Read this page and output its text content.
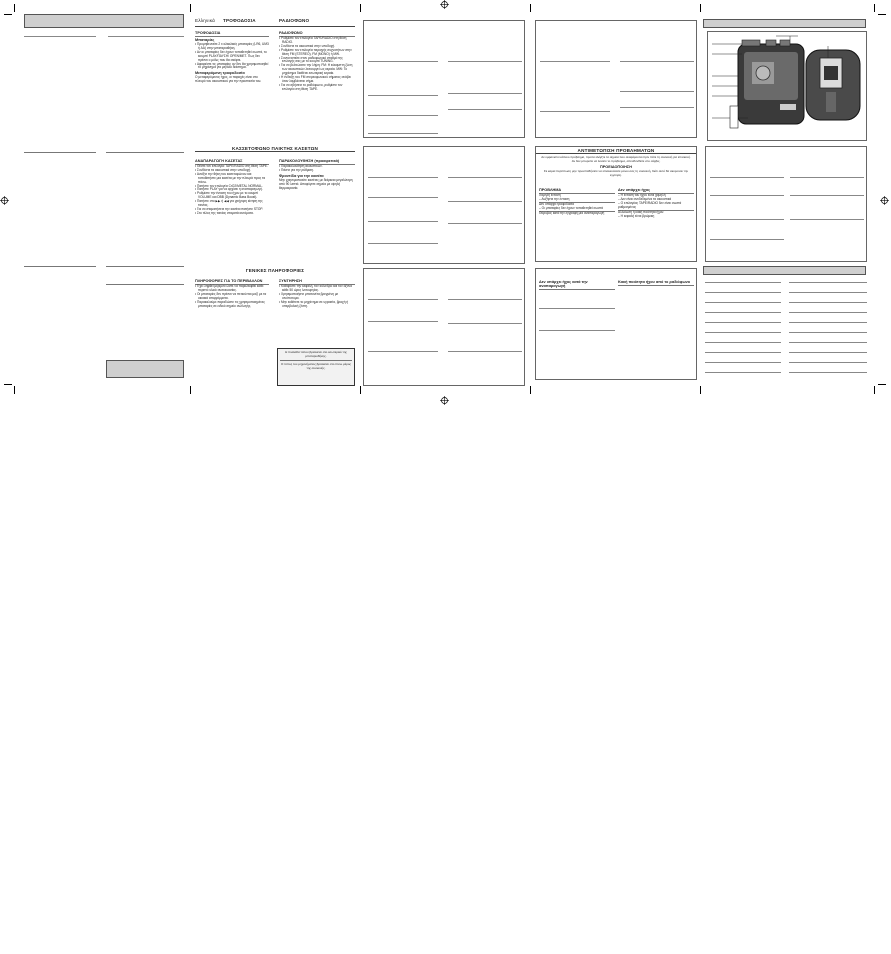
Ελληνικά ΤΡΟΦΟΔΟΣΙΑ	ΡΑΔΙΟΦΩΝΟ
ΤΡΟΦΟΔΟΣΙΑ
Μπαταρίες

• Προμηθευτείτε 2 x αλκαλικές μπαταρίες (LR6, UM3 ή AA) στην μπαταριοθήκη.

• Αν οι μπαταρίες δεν έχουν τοποθετηθεί σωστά, το κουμπί PLAY/ΠΑΥΣΗ/ ΟΡΕΝ/ΜΕΤ. Πως δεν πρέπει ο μόλις που θα σκέφτε.

• Αφαιρέστε τις μπαταρίες αν δεν θα χρησιμοποιηθεί το μηχάνημα για μεγάλο διάστημα.

Μεταφερόμενη τροφοδοσία

Ο μεταφερόμενος ήχος, οι παροχές είναι στο πλευρό του ακουστικού για την προστασία του.

ΡΑΔΙΟΦΩΝΟ

• Ρυθμίστε τον επιλογέα TAPE/RADIO στη θέση RADIO.

• Συνδέστε τα ακουστικά στην υποδοχή.

• Ρυθμίστε τον επιλογέα περιοχής συχνοτήτων στην θέση FM (STEREO), FM (MONO) ή MW.

• Συντονιστείτε στον ραδιοφωνικό σταθμό της επιλογής σας με το κουμπί TUNING.

• Για να βελτιώσετε την λήψη: FM: Η εύκαμπτη ζώνη των ακουστικών λειτουργεί ως κεραία. MW: Το μηχάνημα διαθέτει εσωτερική κεραία.

• Η ένδειξη του FM στερεοφωνικού σήματος ανάβει όταν λαμβάνεται σήμα.

• Για να σβήσετε το ραδιόφωνο, ρυθμίστε τον επιλογέα στη θέση TAPE.

ΚΑΣΣΕΤΟΦΩΝΟ ΠΑΙΚΤΗΣ ΚΑΣΕΤΩΝ
ΑΝΑΠΑΡΑΓΩΓΗ ΚΑΣΕΤΑΣ

• Θέστε τον επιλογέα TAPE/RADIO στη θέση TAPE.

• Συνδέστε τα ακουστικά στην υποδοχή.

• Ανοίξτε την θήκη του κασετοφώνου και τοποθετήστε μια κασέτα με την πλευρά προς τα πάνω.

• Πατήστε τον επιλογέα CrO2/METAL NORMAL.

• Πατήστε PLAY για να αρχίσει η αναπαραγωγή.

• Ρυθμίστε την ένταση του ήχου με το κουμπί VOLUME και DBB (Dynamic Bass Boost).

• Πατήστε στο ▶▶ ή ◀◀ για γρήγορη κίνηση της ταινίας.

• Για να σταματήσετε την κασέτα πατήστε STOP.

• Στο τέλος της ταινίας σταματά αυτόματα.

ΠΑΡΑΚΟΛΟΥΘΗΣΗ (προαιρετικά)

• Παρακολούθηση ακουστικών.

• Πιέστε για την ρύθμιση.

Φροντίδα για την κασέτα

Μην χρησιμοποιείτε κασέτες με διάρκεια μεγαλύτερη από 90 λεπτά. Αποφύγετε σημεία με υψηλή θερμοκρασία.

ΓΕΝΙΚΕΣ ΠΛΗΡΟΦΟΡΙΕΣ
ΠΛΗΡΟΦΟΡΙΕΣ ΓΙΑ ΤΟ ΠΕΡΙΒΑΛΛΟΝ

• Έχει ληφθεί μέριμνα ώστε να παραλειφθεί κάθε περιττό υλικό συσκευασίας.

• Οι μπαταρίες δεν πρέπει να πετιούνται μαζί με τα οικιακά απορρίμματα.

• Παρακαλούμε παραδώστε τις χρησιμοποιημένες μπαταρίες σε ειδικό σημείο συλλογής.

ΣΥΝΤΗΡΗΣΗ

• Καθαρίστε την κεφαλή, τον κύλινδρο και τον άξονα κάθε 50 ώρες λειτουργίας.

• Χρησιμοποιήστε μπατονέτα βρεγμένη με οινόπνευμα.

• Μην εκθέτετε το μηχάνημα σε υγρασία, βροχή ή υπερβολική ζέστη.

Η πινακίδα τύπου βρίσκεται στο εσωτερικό της μπαταριοθήκης.

Ο τύπος του μηχανήματος βρίσκεται στο πίσω μέρος της συσκευής.

ΑΝΤΙΜΕΤΩΠΙΣΗ ΠΡΟΒΛΗΜΑΤΩΝ

Αν εμφανιστεί κάποιο πρόβλημα, πρώτα ελέγξτε τα σημεία που αναφέρονται πριν πάτε τη συσκευή για επισκευή. Αν δεν μπορείτε να λύσετε το πρόβλημα, απευθυνθείτε στο σέρβις.

ΠΡΟΕΙΔΟΠΟΙΗΣΗ

Σε καμία περίπτωση μην προσπαθήσετε να επισκευάσετε μόνοι σας τη συσκευή, διότι αυτό θα ακυρώσει την εγγύηση.

ΠΡΟΒΛΗΜΑ

Χαμηλή ένταση

– Αυξήστε την ένταση

Δεν υπάρχει τροφοδοσία

– Οι μπαταρίες δεν έχουν τοποθετηθεί σωστά

Θόρυβος κατά την εγγραφή μια αναπαραγωγή

Δεν υπάρχει ήχος

– Η ένταση του ήχου είναι χαμηλή

– Δεν είναι συνδεδεμένα τα ακουστικά

– Ο επιλογέας TAPE/RADIO δεν είναι σωστά ρυθμισμένος

Αλλοίωση ή κακή ποιότητα ήχου

– Η κεφαλή είναι βρώμικη

Δεν υπάρχει ήχος κατά την αναπαραγωγή
Κακή ποιότητα ήχου από το ραδιόφωνο
